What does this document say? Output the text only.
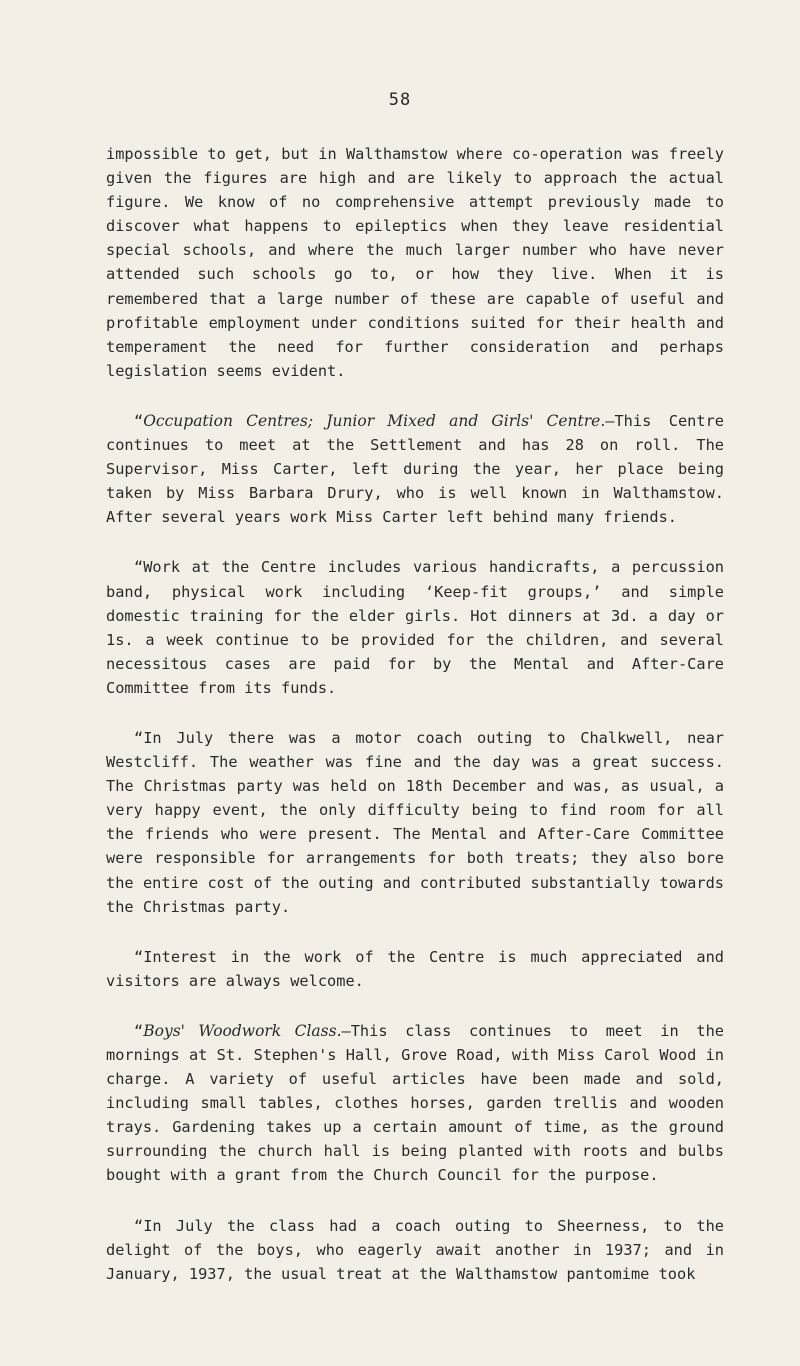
58

impossible to get, but in Walthamstow where co-operation was freely given the figures are high and are likely to approach the actual figure. We know of no comprehensive attempt previously made to discover what happens to epileptics when they leave residential special schools, and where the much larger number who have never attended such schools go to, or how they live. When it is remembered that a large number of these are capable of useful and profitable employment under conditions suited for their health and temperament the need for further consideration and perhaps legislation seems evident.

“Occupation Centres; Junior Mixed and Girls' Centre.—This Centre continues to meet at the Settlement and has 28 on roll. The Supervisor, Miss Carter, left during the year, her place being taken by Miss Barbara Drury, who is well known in Walthamstow. After several years work Miss Carter left behind many friends.

“Work at the Centre includes various handicrafts, a percussion band, physical work including ‘Keep-fit groups,’ and simple domestic training for the elder girls. Hot dinners at 3d. a day or 1s. a week continue to be provided for the children, and several necessitous cases are paid for by the Mental and After-Care Committee from its funds.

“In July there was a motor coach outing to Chalkwell, near Westcliff. The weather was fine and the day was a great success. The Christmas party was held on 18th December and was, as usual, a very happy event, the only difficulty being to find room for all the friends who were present. The Mental and After-Care Committee were responsible for arrangements for both treats; they also bore the entire cost of the outing and contributed substantially towards the Christmas party.

“Interest in the work of the Centre is much appreciated and visitors are always welcome.

“Boys' Woodwork Class.—This class continues to meet in the mornings at St. Stephen's Hall, Grove Road, with Miss Carol Wood in charge. A variety of useful articles have been made and sold, including small tables, clothes horses, garden trellis and wooden trays. Gardening takes up a certain amount of time, as the ground surrounding the church hall is being planted with roots and bulbs bought with a grant from the Church Council for the purpose.

“In July the class had a coach outing to Sheerness, to the delight of the boys, who eagerly await another in 1937; and in January, 1937, the usual treat at the Walthamstow pantomime took
